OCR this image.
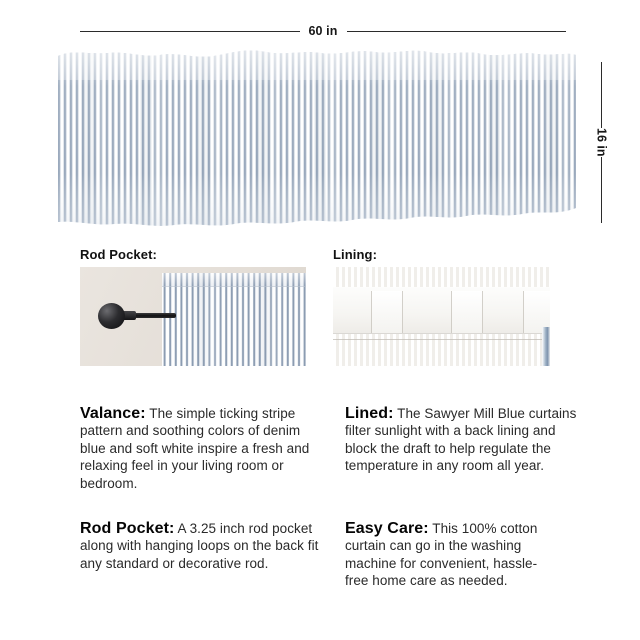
60 in
16 in
Rod Pocket:	Lining:

Valance: The simple ticking stripe pattern and soothing colors of denim blue and soft white inspire a fresh and relaxing feel in your living room or bedroom.

Rod Pocket: A 3.25 inch rod pocket along with hanging loops on the back fit any standard or decorative rod.

Lined: The Sawyer Mill Blue curtains filter sunlight with a back lining and block the draft to help regulate the temperature in any room all year.

Easy Care: This 100% cotton curtain can go in the washing machine for convenient, hassle-free home care as needed.
